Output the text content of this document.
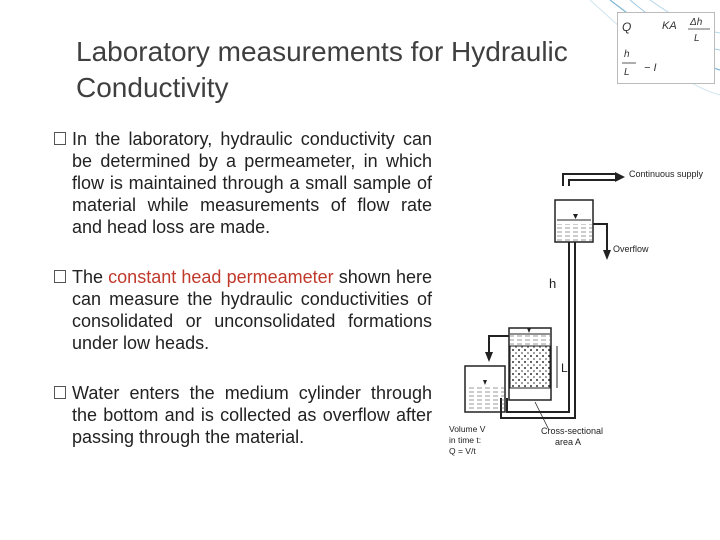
Laboratory measurements for Hydraulic Conductivity
Q	KA Δh
L
h
L − I
In the laboratory, hydraulic conductivity can be determined by a permeameter, in which flow is maintained through a small sample of material while measurements of flow rate and head loss are made.
The constant head permeameter shown here can measure the hydraulic conductivities of consolidated or unconsolidated formations under low heads.
Water enters the medium cylinder through the bottom and is collected as overflow after passing through the material.
Continuous supply
Overflow
h
L
Volume V
in time t:
Q = V/t
Cross-sectional
area A
